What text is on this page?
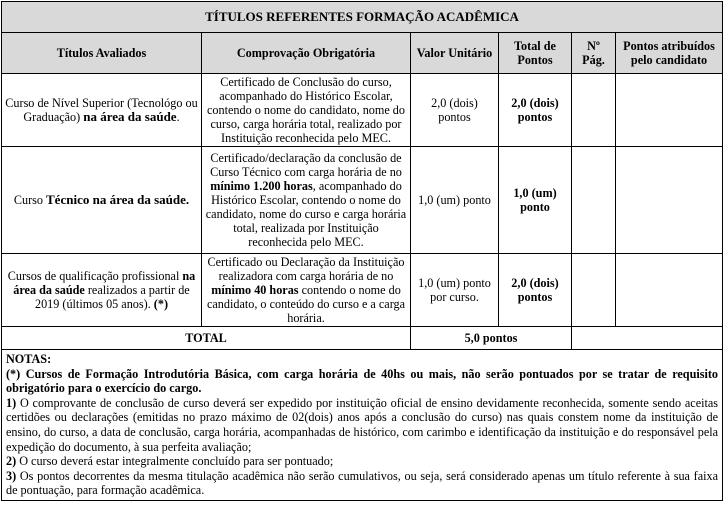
TÍTULOS REFERENTES FORMAÇÃO ACADÊMICA					
Títulos Avaliados	Comprovação Obrigatória	Valor Unitário	Total de Pontos	Nº Pág.	Pontos atribuídos pelo candidato
Curso de Nível Superior (Tecnológo ou Graduação) na área da saúde.	Certificado de Conclusão do curso, acompanhado do Histórico Escolar, contendo o nome do candidato, nome do curso, carga horária total, realizado por Instituição reconhecida pelo MEC.	2,0 (dois) pontos	2,0 (dois) pontos		
Curso Técnico na área da saúde.	Certificado/declaração da conclusão de Curso Técnico com carga horária de no mínimo 1.200 horas, acompanhado do Histórico Escolar, contendo o nome do candidato, nome do curso e carga horária total, realizada por Instituição reconhecida pelo MEC.	1,0 (um) ponto	1,0 (um) ponto		
Cursos de qualificação profissional na área da saúde realizados a partir de 2019 (últimos 05 anos). (*)	Certificado ou Declaração da Instituição realizadora com carga horária de no mínimo 40 horas contendo o nome do candidato, o conteúdo do curso e a carga horária.	1,0 (um) ponto por curso.	2,0 (dois) pontos		
TOTAL		5,0 pontos			

NOTAS:
(*) Cursos de Formação Introdutória Básica, com carga horária de 40hs ou mais, não serão pontuados por se tratar de requisito obrigatório para o exercício do cargo.
1) O comprovante de conclusão de curso deverá ser expedido por instituição oficial de ensino devidamente reconhecida, somente sendo aceitas certidões ou declarações (emitidas no prazo máximo de 02(dois) anos após a conclusão do curso) nas quais constem nome da instituição de ensino, do curso, a data de conclusão, carga horária, acompanhadas de histórico, com carimbo e identificação da instituição e do responsável pela expedição do documento, à sua perfeita avaliação;
2) O curso deverá estar integralmente concluído para ser pontuado;
3) Os pontos decorrentes da mesma titulação acadêmica não serão cumulativos, ou seja, será considerado apenas um título referente à sua faixa de pontuação, para formação acadêmica.					
